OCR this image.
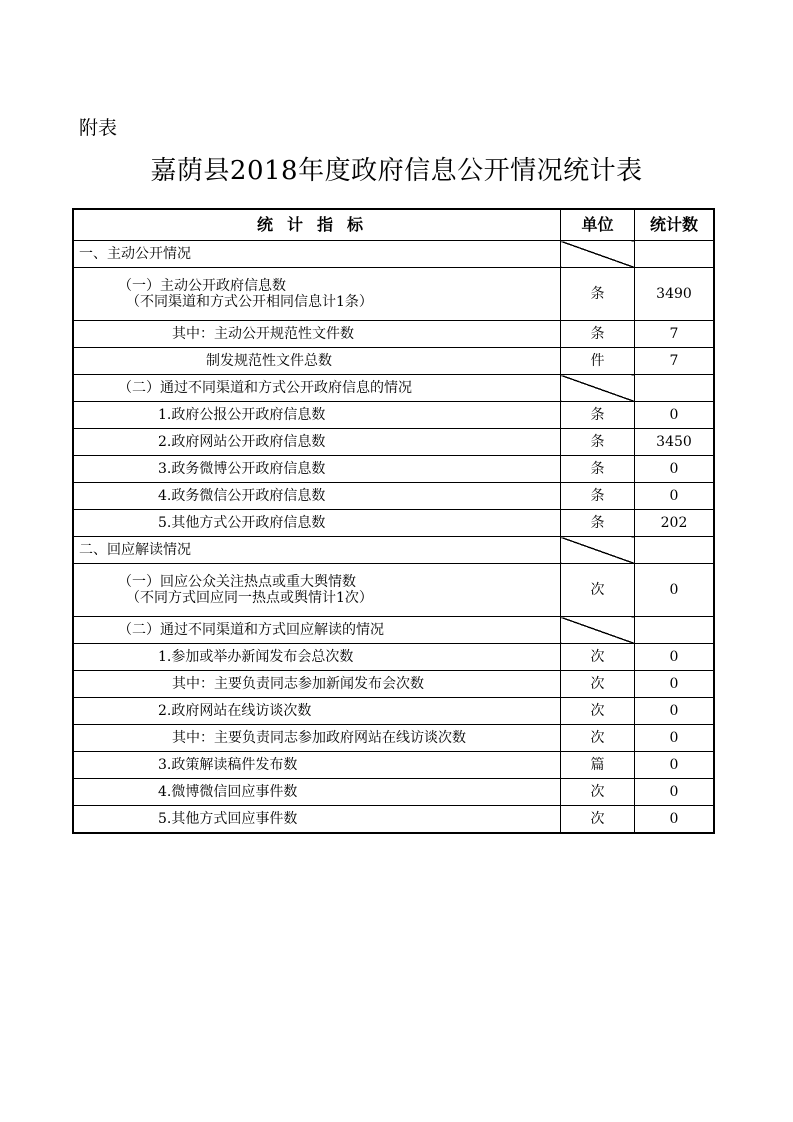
附表
嘉荫县2018年度政府信息公开情况统计表
统计指标	单位	统计数
一、主动公开情况		
（一）主动公开政府信息数
（不同渠道和方式公开相同信息计1条）	条	3490
其中：主动公开规范性文件数	条	7
制发规范性文件总数	件	7
（二）通过不同渠道和方式公开政府信息的情况		
1.政府公报公开政府信息数	条	0
2.政府网站公开政府信息数	条	3450
3.政务微博公开政府信息数	条	0
4.政务微信公开政府信息数	条	0
5.其他方式公开政府信息数	条	202
二、回应解读情况		
（一）回应公众关注热点或重大舆情数
（不同方式回应同一热点或舆情计1次）	次	0
（二）通过不同渠道和方式回应解读的情况		
1.参加或举办新闻发布会总次数	次	0
其中：主要负责同志参加新闻发布会次数	次	0
2.政府网站在线访谈次数	次	0
其中：主要负责同志参加政府网站在线访谈次数	次	0
3.政策解读稿件发布数	篇	0
4.微博微信回应事件数	次	0
5.其他方式回应事件数	次	0
